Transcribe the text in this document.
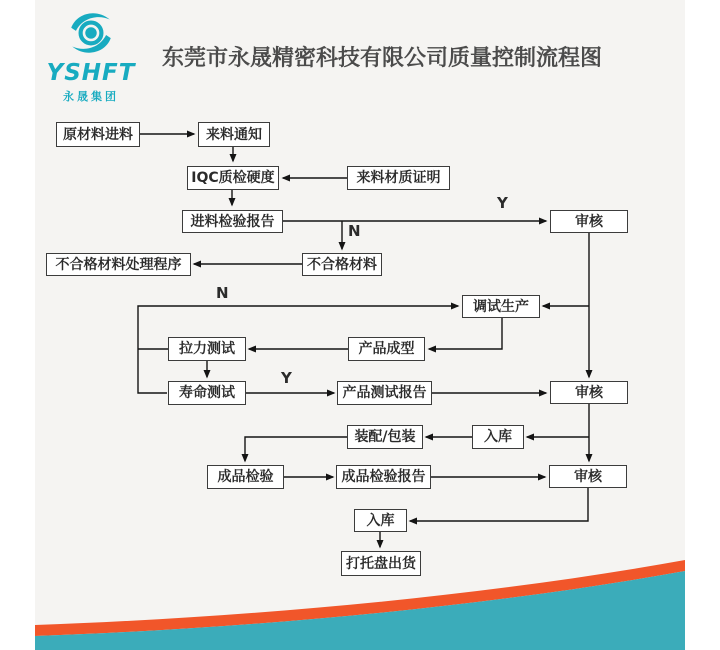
YSHFT
永晟集团
东莞市永晟精密科技有限公司质量控制流程图
原材料进料	来料通知
IQC质检硬度	来料材质证明
进料检验报告	审核
不合格材料
不合格材料处理程序
调试生产
拉力测试	产品成型
寿命测试	产品测试报告	审核
装配/包装	入库
成品检验	成品检验报告	审核
入库
打托盘出货
Y
N
N
Y
